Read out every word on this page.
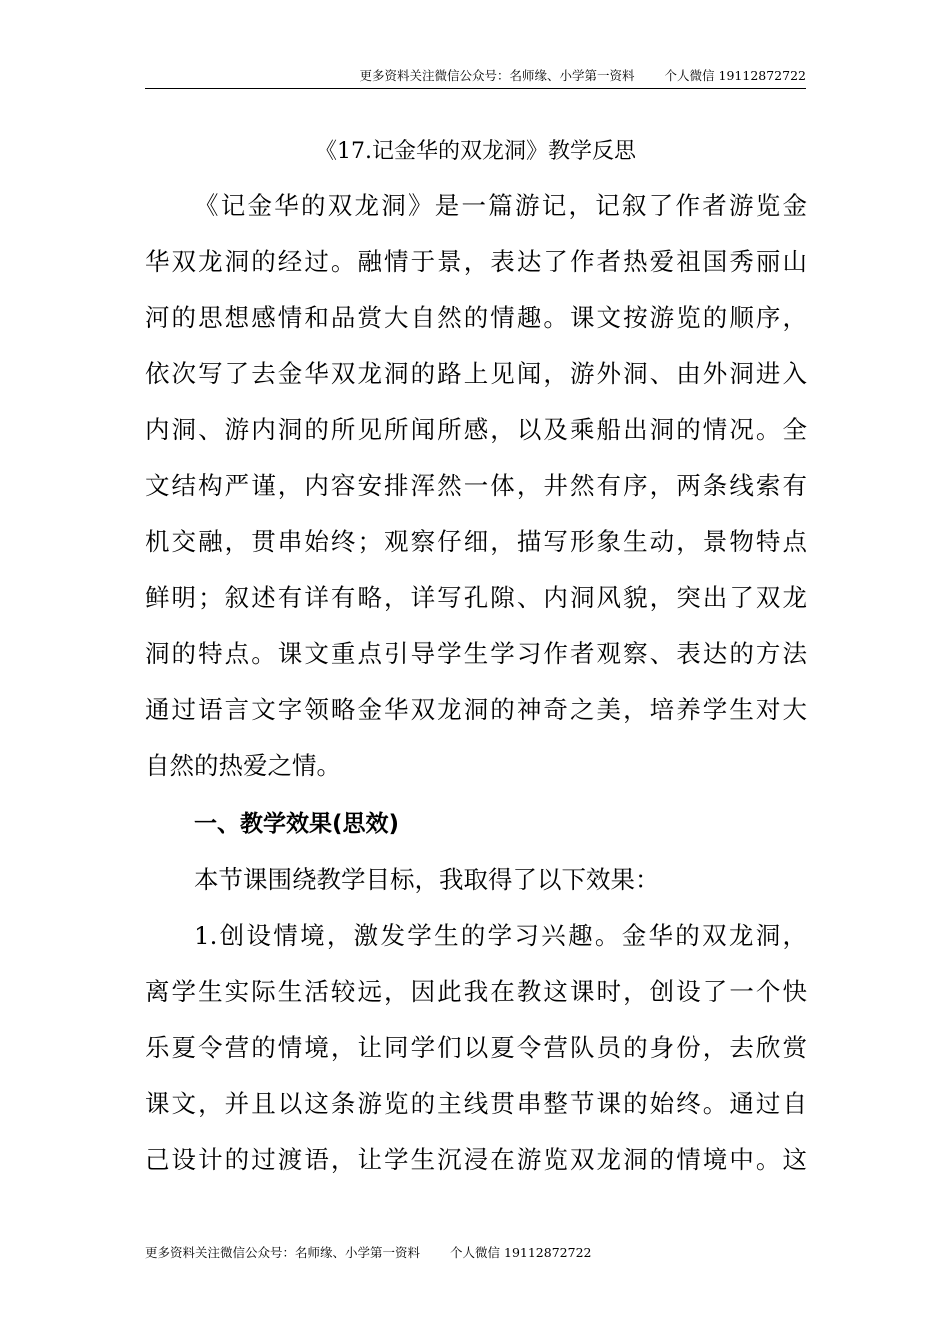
更多资料关注微信公众号：名师缘、小学第一资料 个人微信 19112872722
《17.记金华的双龙洞》教学反思
《记金华的双龙洞》是一篇游记，记叙了作者游览金
华双龙洞的经过。融情于景，表达了作者热爱祖国秀丽山
河的思想感情和品赏大自然的情趣。课文按游览的顺序，
依次写了去金华双龙洞的路上见闻，游外洞、由外洞进入
内洞、游内洞的所见所闻所感，以及乘船出洞的情况。全
文结构严谨，内容安排浑然一体，井然有序，两条线索有
机交融，贯串始终；观察仔细，描写形象生动，景物特点
鲜明；叙述有详有略，详写孔隙、内洞风貌，突出了双龙
洞的特点。课文重点引导学生学习作者观察、表达的方法
通过语言文字领略金华双龙洞的神奇之美，培养学生对大
自然的热爱之情。
一、教学效果(思效)
本节课围绕教学目标，我取得了以下效果：
1.创设情境，激发学生的学习兴趣。金华的双龙洞，
离学生实际生活较远，因此我在教这课时，创设了一个快
乐夏令营的情境，让同学们以夏令营队员的身份，去欣赏
课文，并且以这条游览的主线贯串整节课的始终。通过自
己设计的过渡语，让学生沉浸在游览双龙洞的情境中。这
更多资料关注微信公众号：名师缘、小学第一资料 个人微信 19112872722
